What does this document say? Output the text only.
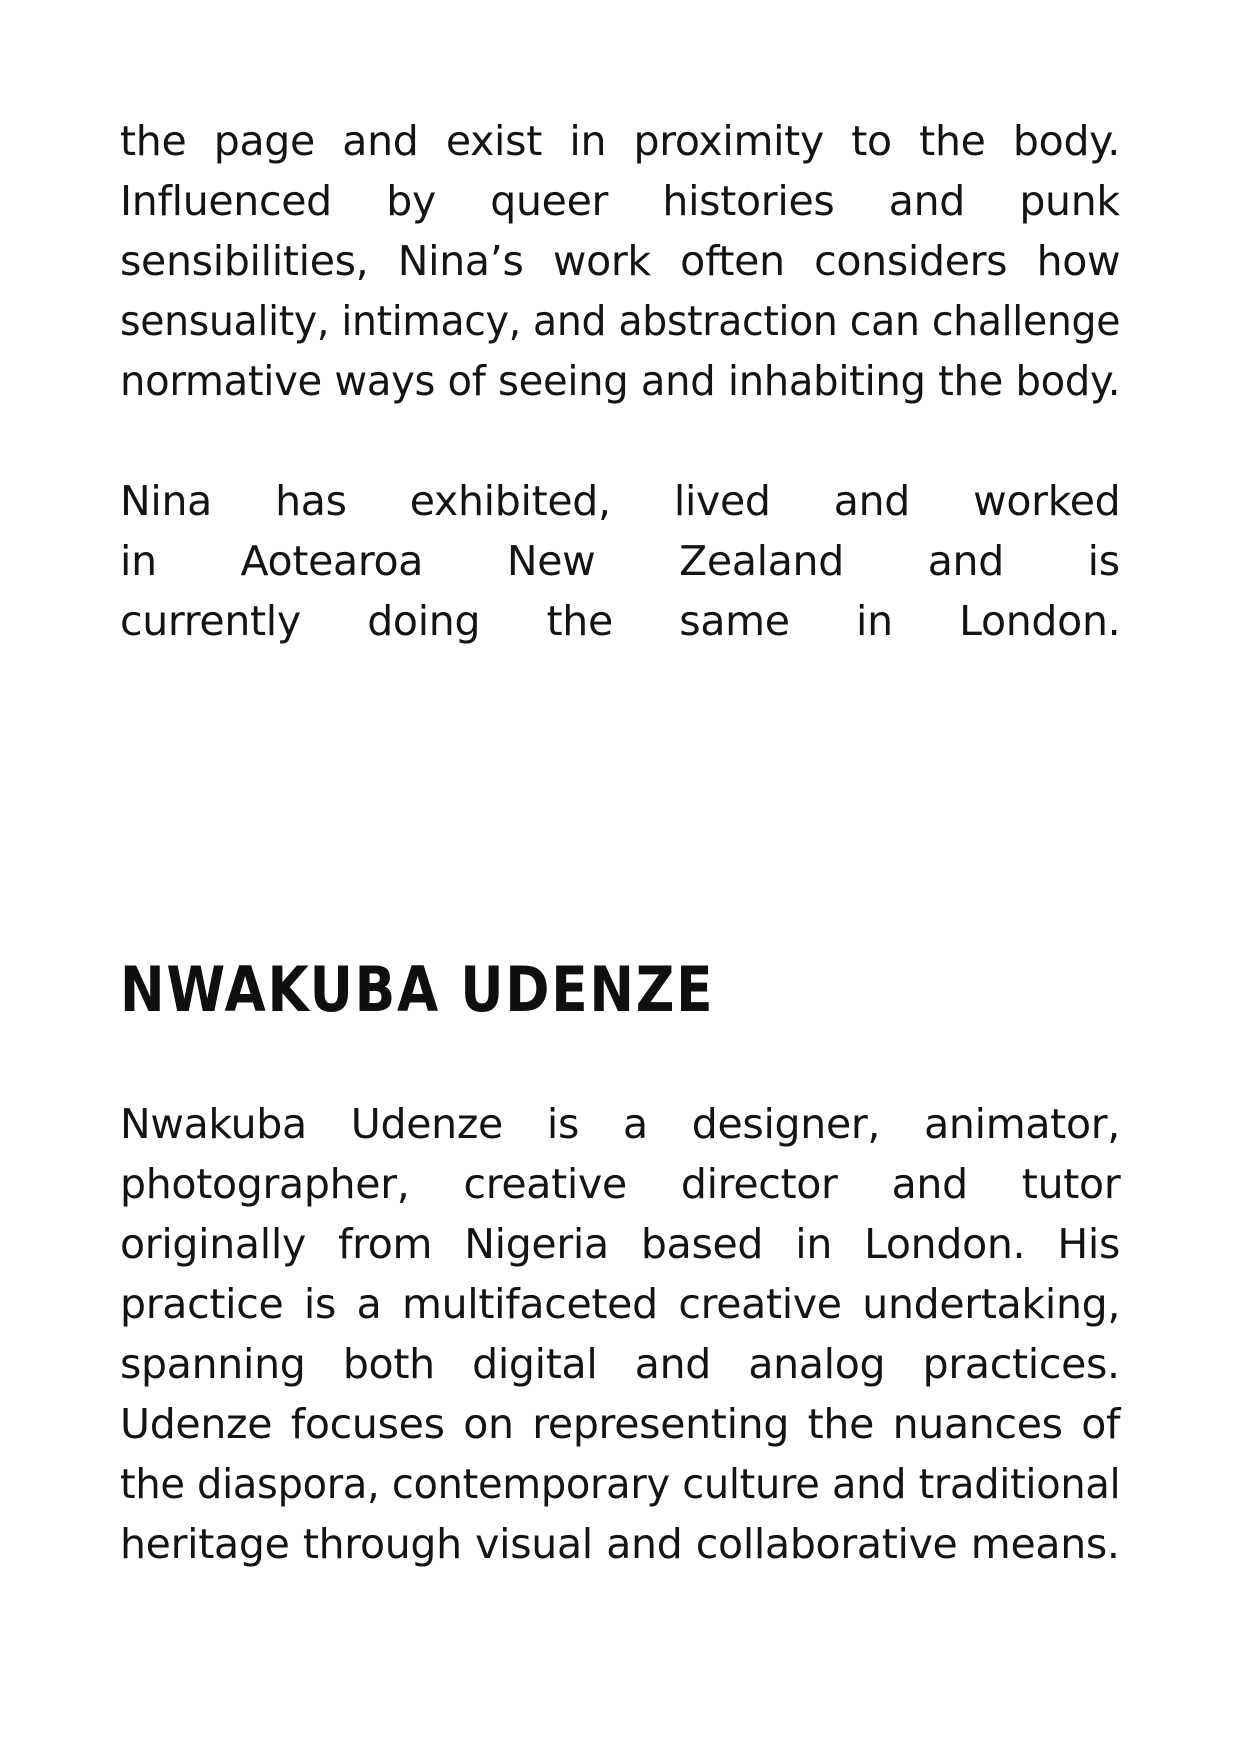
the page and exist in proximity to the body.
Influenced by queer histories and punk
sensibilities, Nina’s work often considers how
sensuality, intimacy, and abstraction can challenge
normative ways of seeing and inhabiting the body.

Nina has exhibited, lived and worked
in Aotearoa New Zealand and is
currently doing the same in London.

NWAKUBA UDENZE

Nwakuba Udenze is a designer, animator,
photographer, creative director and tutor
originally from Nigeria based in London. His
practice is a multifaceted creative undertaking,
spanning both digital and analog practices.
Udenze focuses on representing the nuances of
the diaspora, contemporary culture and traditional
heritage through visual and collaborative means.
